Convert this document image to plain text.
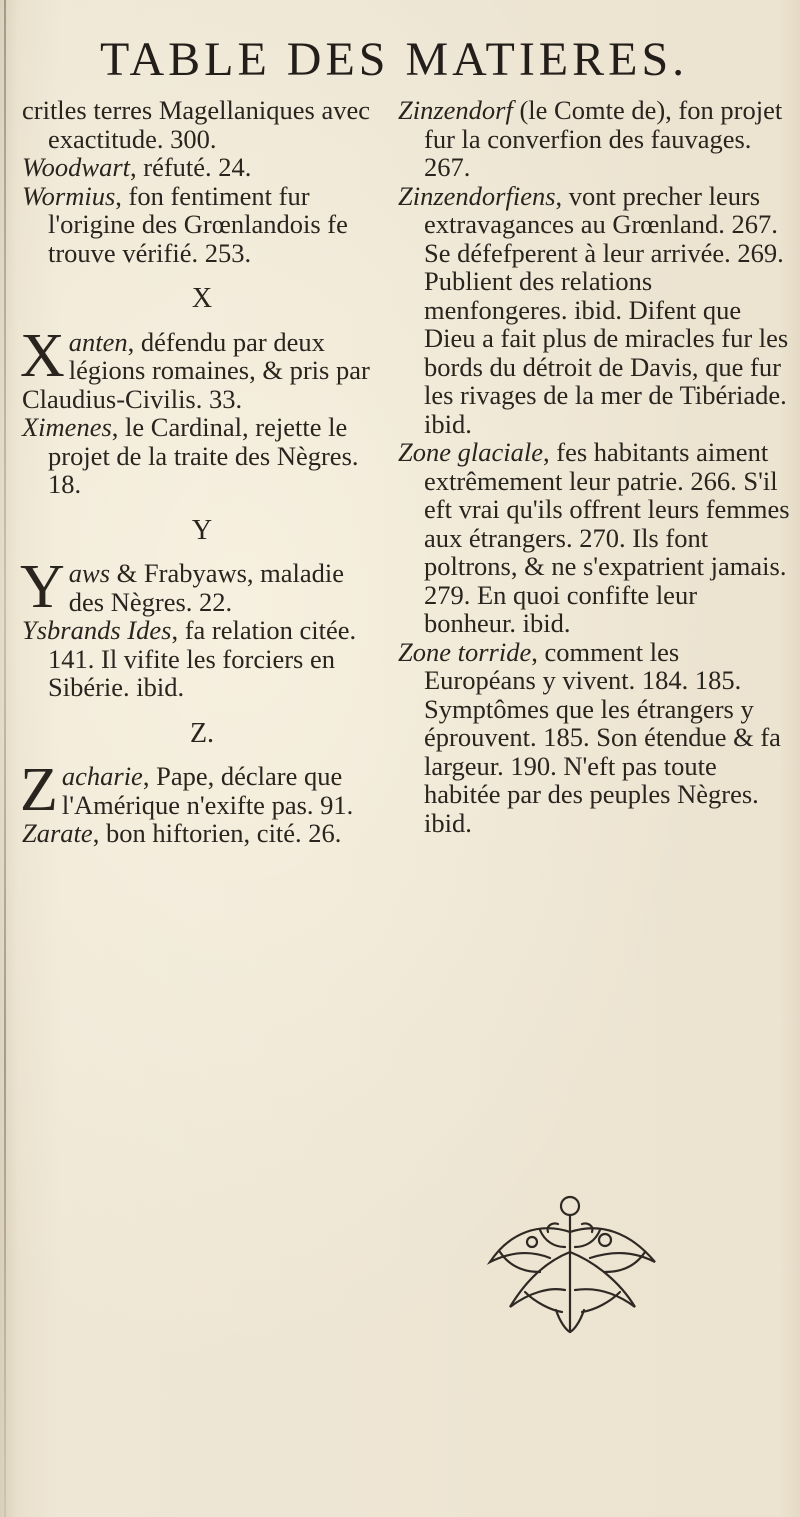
TABLE DES MATIERES.

critles terres Magellaniques avec exactitude. 300.

Woodwart, réfuté. 24.

Wormius, fon fentiment fur l'origine des Grœnlandois fe trouve vérifié. 253.

X

Xanten, défendu par deux légions romaines, & pris par Claudius-Civilis. 33.

Ximenes, le Cardinal, rejette le projet de la traite des Nègres. 18.

Y

Yaws & Frabyaws, maladie des Nègres. 22.

Ysbrands Ides, fa relation citée. 141. Il vifite les forciers en Sibérie. ibid.

Z.

Zacharie, Pape, déclare que l'Amérique n'exifte pas. 91.

Zarate, bon hiftorien, cité. 26.

Zinzendorf (le Comte de), fon projet fur la converfion des fauvages. 267.

Zinzendorfiens, vont precher leurs extravagances au Grœnland. 267. Se défefperent à leur arrivée. 269. Publient des relations menfongeres. ibid. Difent que Dieu a fait plus de miracles fur les bords du détroit de Davis, que fur les rivages de la mer de Tibériade. ibid.

Zone glaciale, fes habitants aiment extrêmement leur patrie. 266. S'il eft vrai qu'ils offrent leurs femmes aux étrangers. 270. Ils font poltrons, & ne s'expatrient jamais. 279. En quoi confifte leur bonheur. ibid.

Zone torride, comment les Européans y vivent. 184. 185. Symptômes que les étrangers y éprouvent. 185. Son étendue & fa largeur. 190. N'eft pas toute habitée par des peuples Nègres. ibid.
